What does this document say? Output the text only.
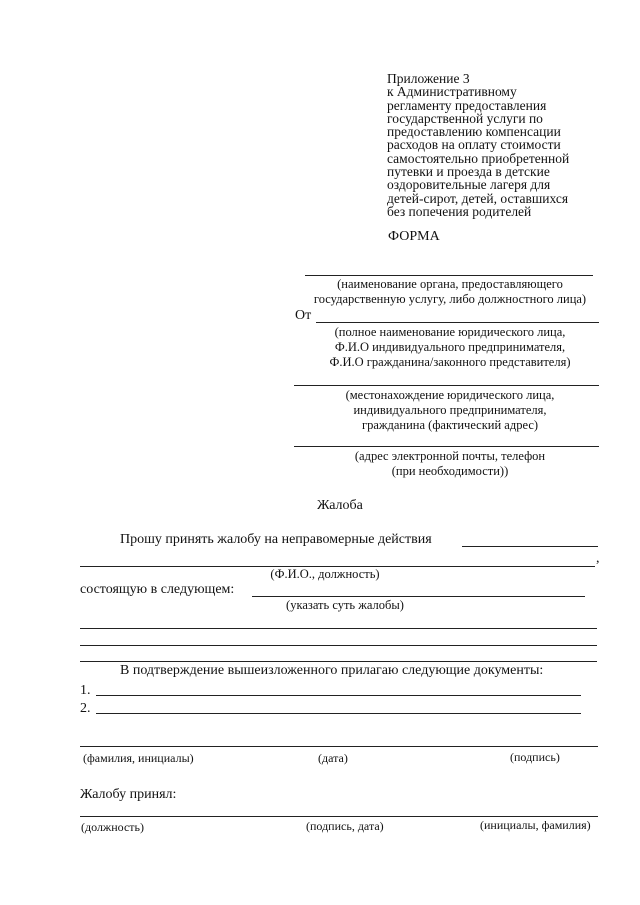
Приложение 3
к Административному
регламенту предоставления
государственной услуги по
предоставлению компенсации
расходов на оплату стоимости
самостоятельно приобретенной
путевки и проезда в детские
оздоровительные лагеря для
детей-сирот, детей, оставшихся
без попечения родителей
ФОРМА
(наименование органа, предоставляющего
государственную услугу, либо должностного лица)
От
(полное наименование юридического лица,
Ф.И.О индивидуального предпринимателя,
Ф.И.О гражданина/законного представителя)
(местонахождение юридического лица,
индивидуального предпринимателя,
гражданина (фактический адрес)
(адрес электронной почты, телефон
(при необходимости))
Жалоба
Прошу принять жалобу на неправомерные действия
,
(Ф.И.О., должность)
состоящую в следующем:
(указать суть жалобы)
В подтверждение вышеизложенного прилагаю следующие документы:
1.
2.
(фамилия, инициалы)	(дата)	(подпись)
Жалобу принял:
(должность)	(подпись, дата)	(инициалы, фамилия)
